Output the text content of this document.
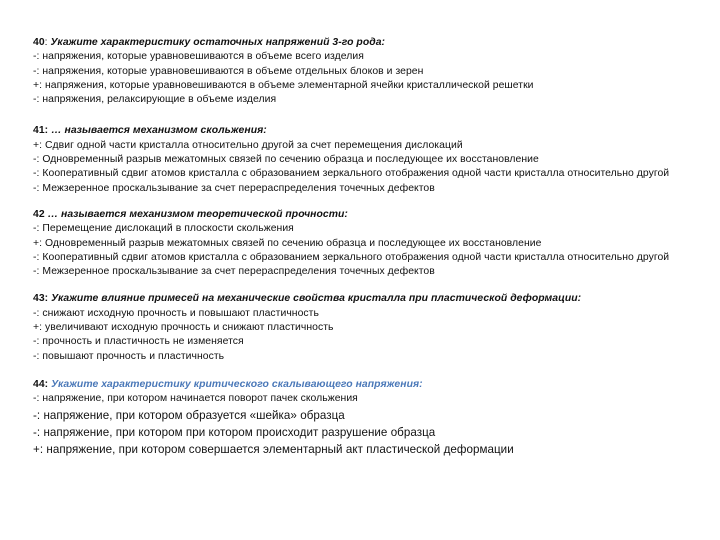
40: Укажите характеристику остаточных напряжений 3-го рода:
-: напряжения, которые уравновешиваются в объеме всего изделия
-: напряжения, которые уравновешиваются в объеме отдельных блоков и зерен
+: напряжения, которые уравновешиваются в объеме элементарной ячейки кристаллической решетки
-: напряжения, релаксирующие в объеме изделия
41: … называется механизмом скольжения:
+: Сдвиг одной части кристалла относительно другой за счет перемещения дислокаций
-: Одновременный разрыв межатомных связей по сечению образца и последующее их восстановление
-: Кооперативный сдвиг атомов кристалла с образованием зеркального отображения одной части кристалла относительно другой
-: Межзеренное проскальзывание за счет перераспределения точечных дефектов
42 … называется механизмом теоретической прочности:
-: Перемещение дислокаций в плоскости скольжения
+: Одновременный разрыв межатомных связей по сечению образца и последующее их восстановление
-: Кооперативный сдвиг атомов кристалла с образованием зеркального отображения одной части кристалла относительно другой
-: Межзеренное проскальзывание за счет перераспределения точечных дефектов
43: Укажите влияние примесей на механические свойства кристалла при пластической деформации:
-: снижают исходную прочность и повышают пластичность
+: увеличивают исходную прочность и снижают пластичность
-: прочность и пластичность не изменяется
-: повышают прочность и пластичность
44: Укажите характеристику критического скалывающего напряжения:
-: напряжение, при котором начинается поворот пачек скольжения
-: напряжение, при котором образуется «шейка» образца
-: напряжение, при котором при котором происходит разрушение образца
+: напряжение, при котором совершается элементарный акт пластической деформации
